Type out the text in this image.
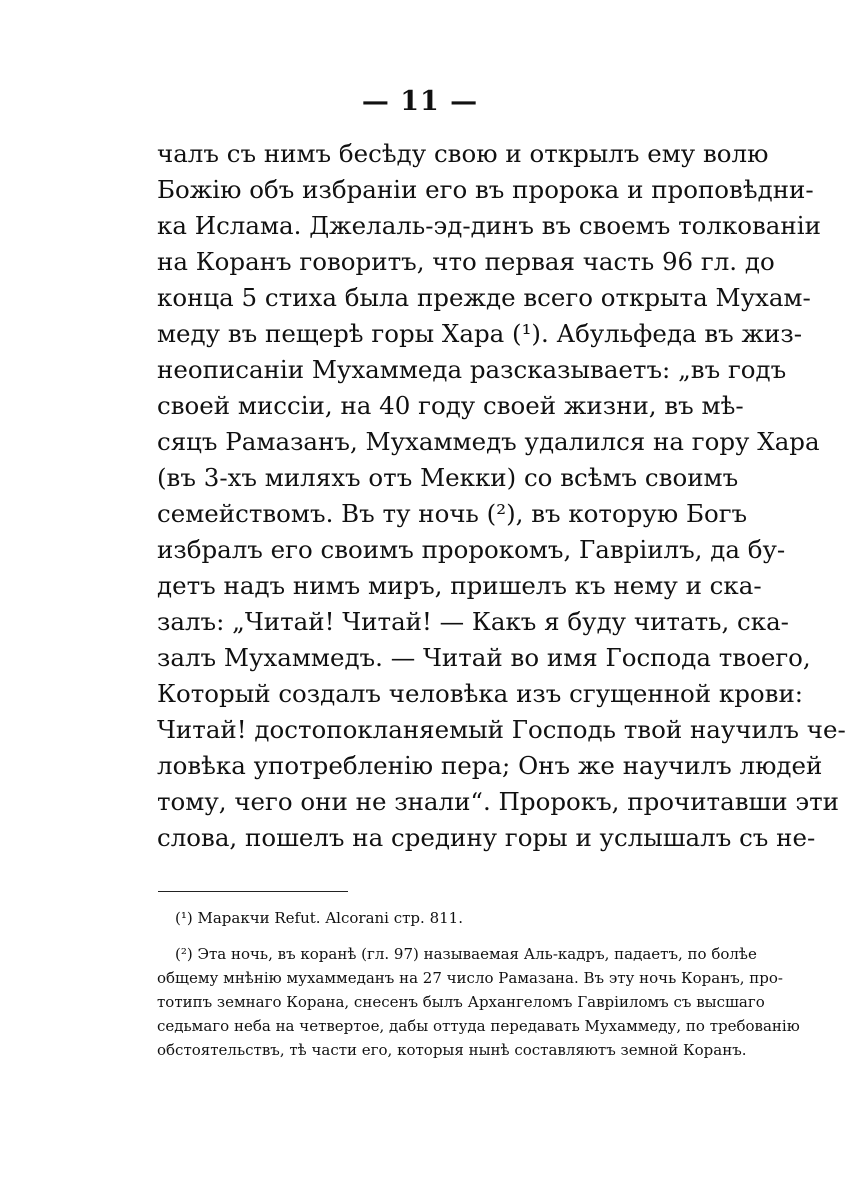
— 11 —
чалъ съ нимъ бесѣду свою и открылъ ему волю
Божiю объ избранiи его въ пророка и проповѣдни-
ка Ислама. Джелаль-эд-динъ въ своемъ толкованiи
на Коранъ говоритъ, что первая часть 96 гл. до
конца 5 стиха была прежде всего открыта Мухам-
меду въ пещерѣ горы Хара (¹). Абульфеда въ жиз-
неописанiи Мухаммеда разсказываетъ: „въ годъ
своей миссiи, на 40 году своей жизни, въ мѣ-
сяцъ Рамазанъ, Мухаммедъ удалился на гору Хара
(въ 3-хъ миляхъ отъ Мекки) со всѣмъ своимъ
семействомъ. Въ ту ночь (²), въ которую Богъ
избралъ его своимъ пророкомъ, Гаврiилъ, да бу-
детъ надъ нимъ миръ, пришелъ къ нему и ска-
залъ: „Читай! Читай! — Какъ я буду читать, ска-
залъ Мухаммедъ. — Читай во имя Господа твоего,
Который создалъ человѣка изъ сгущенной крови:
Читай! достопокланяемый Господь твой научилъ че-
ловѣка употребленiю пера; Онъ же научилъ людей
тому, чего они не знали“. Пророкъ, прочитавши эти
слова, пошелъ на средину горы и услышалъ съ не-
(¹) Маракчи Refut. Alcorani стр. 811.
(²) Эта ночь, въ коранѣ (гл. 97) называемая Аль-кадръ, падаетъ, по болѣе
общему мнѣнiю мухаммеданъ на 27 число Рамазана. Въ эту ночь Коранъ, про-
тотипъ земнаго Корана, снесенъ былъ Архангеломъ Гаврiиломъ съ высшаго
седьмаго неба на четвертое, дабы оттуда передавать Мухаммеду, по требованiю
обстоятельствъ, тѣ части его, которыя нынѣ составляютъ земной Коранъ.
